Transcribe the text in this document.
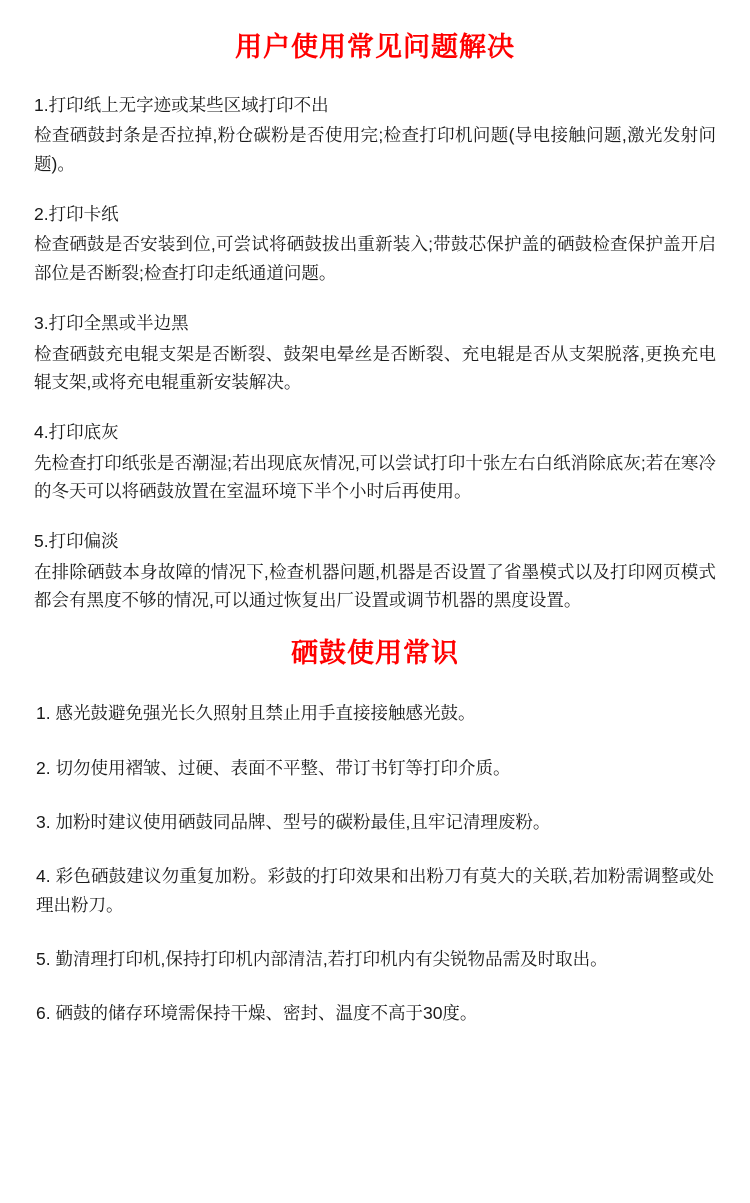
用户使用常见问题解决

1.打印纸上无字迹或某些区域打印不出

检查硒鼓封条是否拉掉,粉仓碳粉是否使用完;检查打印机问题(导电接触问题,激光发射问题)。

2.打印卡纸

检查硒鼓是否安装到位,可尝试将硒鼓拔出重新装入;带鼓芯保护盖的硒鼓检查保护盖开启部位是否断裂;检查打印走纸通道问题。

3.打印全黑或半边黑

检查硒鼓充电辊支架是否断裂、鼓架电晕丝是否断裂、充电辊是否从支架脱落,更换充电辊支架,或将充电辊重新安装解决。

4.打印底灰

先检查打印纸张是否潮湿;若出现底灰情况,可以尝试打印十张左右白纸消除底灰;若在寒冷的冬天可以将硒鼓放置在室温环境下半个小时后再使用。

5.打印偏淡

在排除硒鼓本身故障的情况下,检查机器问题,机器是否设置了省墨模式以及打印网页模式都会有黑度不够的情况,可以通过恢复出厂设置或调节机器的黑度设置。

硒鼓使用常识

1. 感光鼓避免强光长久照射且禁止用手直接接触感光鼓。

2. 切勿使用褶皱、过硬、表面不平整、带订书钉等打印介质。

3. 加粉时建议使用硒鼓同品牌、型号的碳粉最佳,且牢记清理废粉。

4. 彩色硒鼓建议勿重复加粉。彩鼓的打印效果和出粉刀有莫大的关联,若加粉需调整或处理出粉刀。

5. 勤清理打印机,保持打印机内部清洁,若打印机内有尖锐物品需及时取出。

6. 硒鼓的储存环境需保持干燥、密封、温度不高于30度。
